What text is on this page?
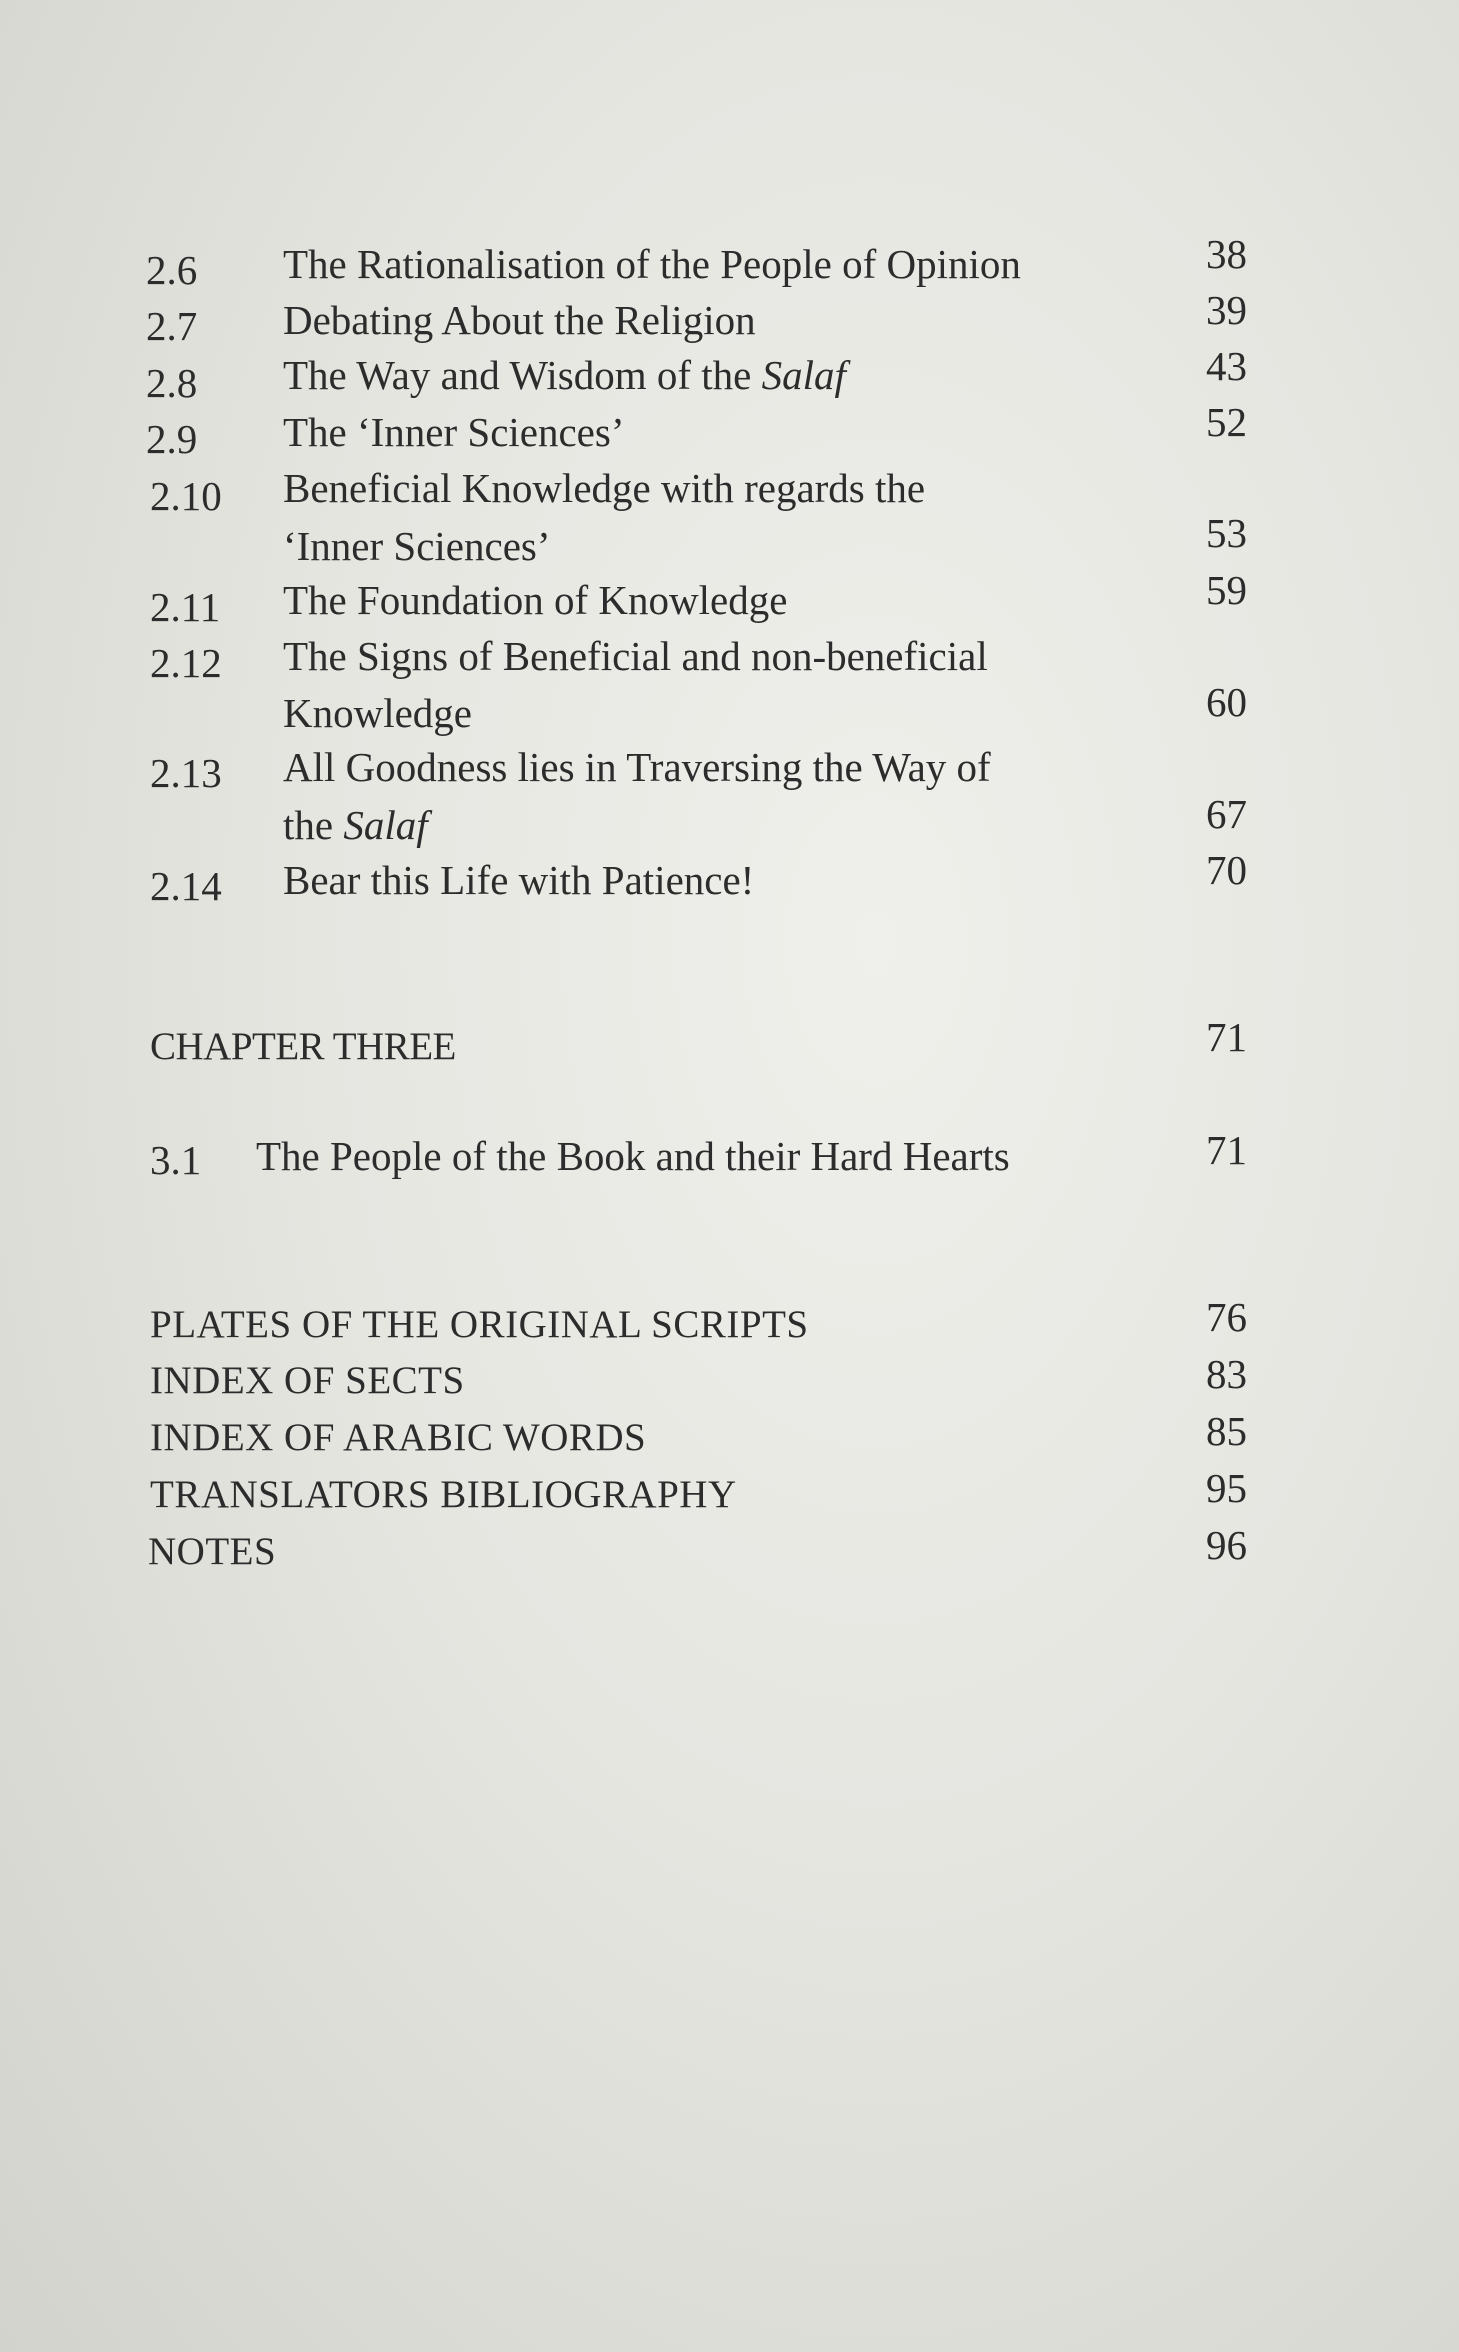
2.6 The Rationalisation of the People of Opinion	38
2.7 Debating About the Religion	39
2.8 The Way and Wisdom of the Salaf	43
2.9 The ‘Inner Sciences’	52
2.10 Beneficial Knowledge with regards the
‘Inner Sciences’	53
2.11 The Foundation of Knowledge	59
2.12 The Signs of Beneficial and non-beneficial
Knowledge	60
2.13 All Goodness lies in Traversing the Way of
the Salaf	67
2.14 Bear this Life with Patience!	70
CHAPTER THREE	71
3.1 The People of the Book and their Hard Hearts	71
PLATES OF THE ORIGINAL SCRIPTS	76
INDEX OF SECTS	83
INDEX OF ARABIC WORDS	85
TRANSLATORS BIBLIOGRAPHY	95
NOTES	96
